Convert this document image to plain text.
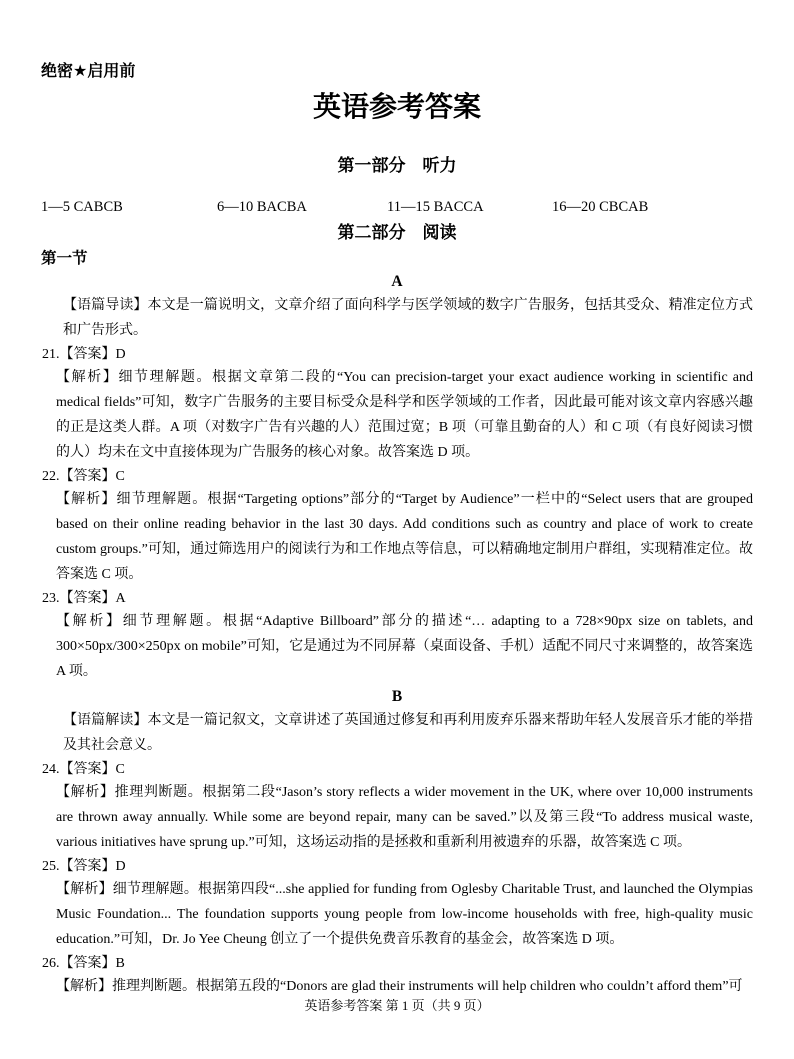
绝密★启用前
英语参考答案
第一部分　听力
1—5 CABCB	6—10 BACBA	11—15 BACCA	16—20 CBCAB
第二部分　阅读
第一节
A

【语篇导读】本文是一篇说明文，文章介绍了面向科学与医学领域的数字广告服务，包括其受众、精准定位方式和广告形式。

21.【答案】D

【解析】细节理解题。根据文章第二段的“You can precision-target your exact audience working in scientific and medical fields”可知，数字广告服务的主要目标受众是科学和医学领域的工作者，因此最可能对该文章内容感兴趣的正是这类人群。A 项（对数字广告有兴趣的人）范围过宽；B 项（可靠且勤奋的人）和 C 项（有良好阅读习惯的人）均未在文中直接体现为广告服务的核心对象。故答案选 D 项。

22.【答案】C

【解析】细节理解题。根据“Targeting options”部分的“Target by Audience”一栏中的“Select users that are grouped based on their online reading behavior in the last 30 days. Add conditions such as country and place of work to create custom groups.”可知，通过筛选用户的阅读行为和工作地点等信息，可以精确地定制用户群组，实现精准定位。故答案选 C 项。

23.【答案】A

【解析】细节理解题。根据“Adaptive Billboard”部分的描述“… adapting to a 728×90px size on tablets, and 300×50px/300×250px on mobile”可知，它是通过为不同屏幕（桌面设备、手机）适配不同尺寸来调整的，故答案选 A 项。

B

【语篇解读】本文是一篇记叙文，文章讲述了英国通过修复和再利用废弃乐器来帮助年轻人发展音乐才能的举措及其社会意义。

24.【答案】C

【解析】推理判断题。根据第二段“Jason’s story reflects a wider movement in the UK, where over 10,000 instruments are thrown away annually. While some are beyond repair, many can be saved.”以及第三段“To address musical waste, various initiatives have sprung up.”可知，这场运动指的是拯救和重新利用被遗弃的乐器，故答案选 C 项。

25.【答案】D

【解析】细节理解题。根据第四段“...she applied for funding from Oglesby Charitable Trust, and launched the Olympias Music Foundation... The foundation supports young people from low-income households with free, high-quality music education.”可知，Dr. Jo Yee Cheung 创立了一个提供免费音乐教育的基金会，故答案选 D 项。

26.【答案】B

【解析】推理判断题。根据第五段的“Donors are glad their instruments will help children who couldn’t afford them”可

英语参考答案 第 1 页（共 9 页）
